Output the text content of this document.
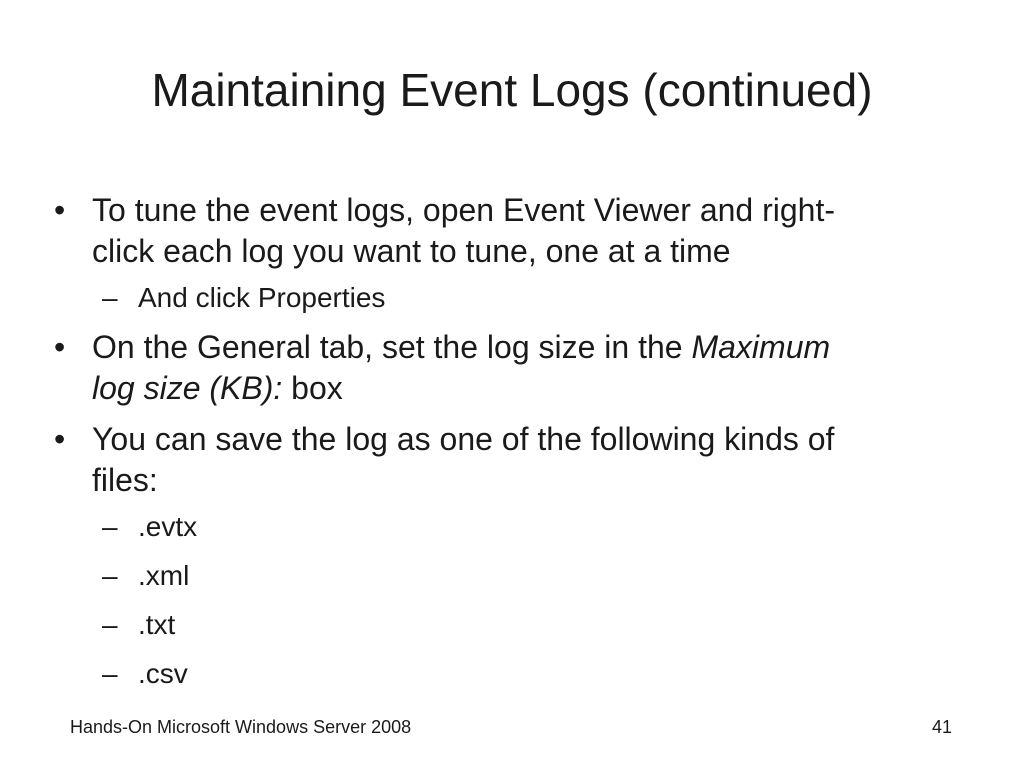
Maintaining Event Logs (continued)
• To tune the event logs, open Event Viewer and right-
click each log you want to tune, one at a time
– And click Properties
• On the General tab, set the log size in the Maximum
log size (KB): box
• You can save the log as one of the following kinds of
files:
– .evtx
– .xml
– .txt
– .csv
Hands-On Microsoft Windows Server 2008	41
